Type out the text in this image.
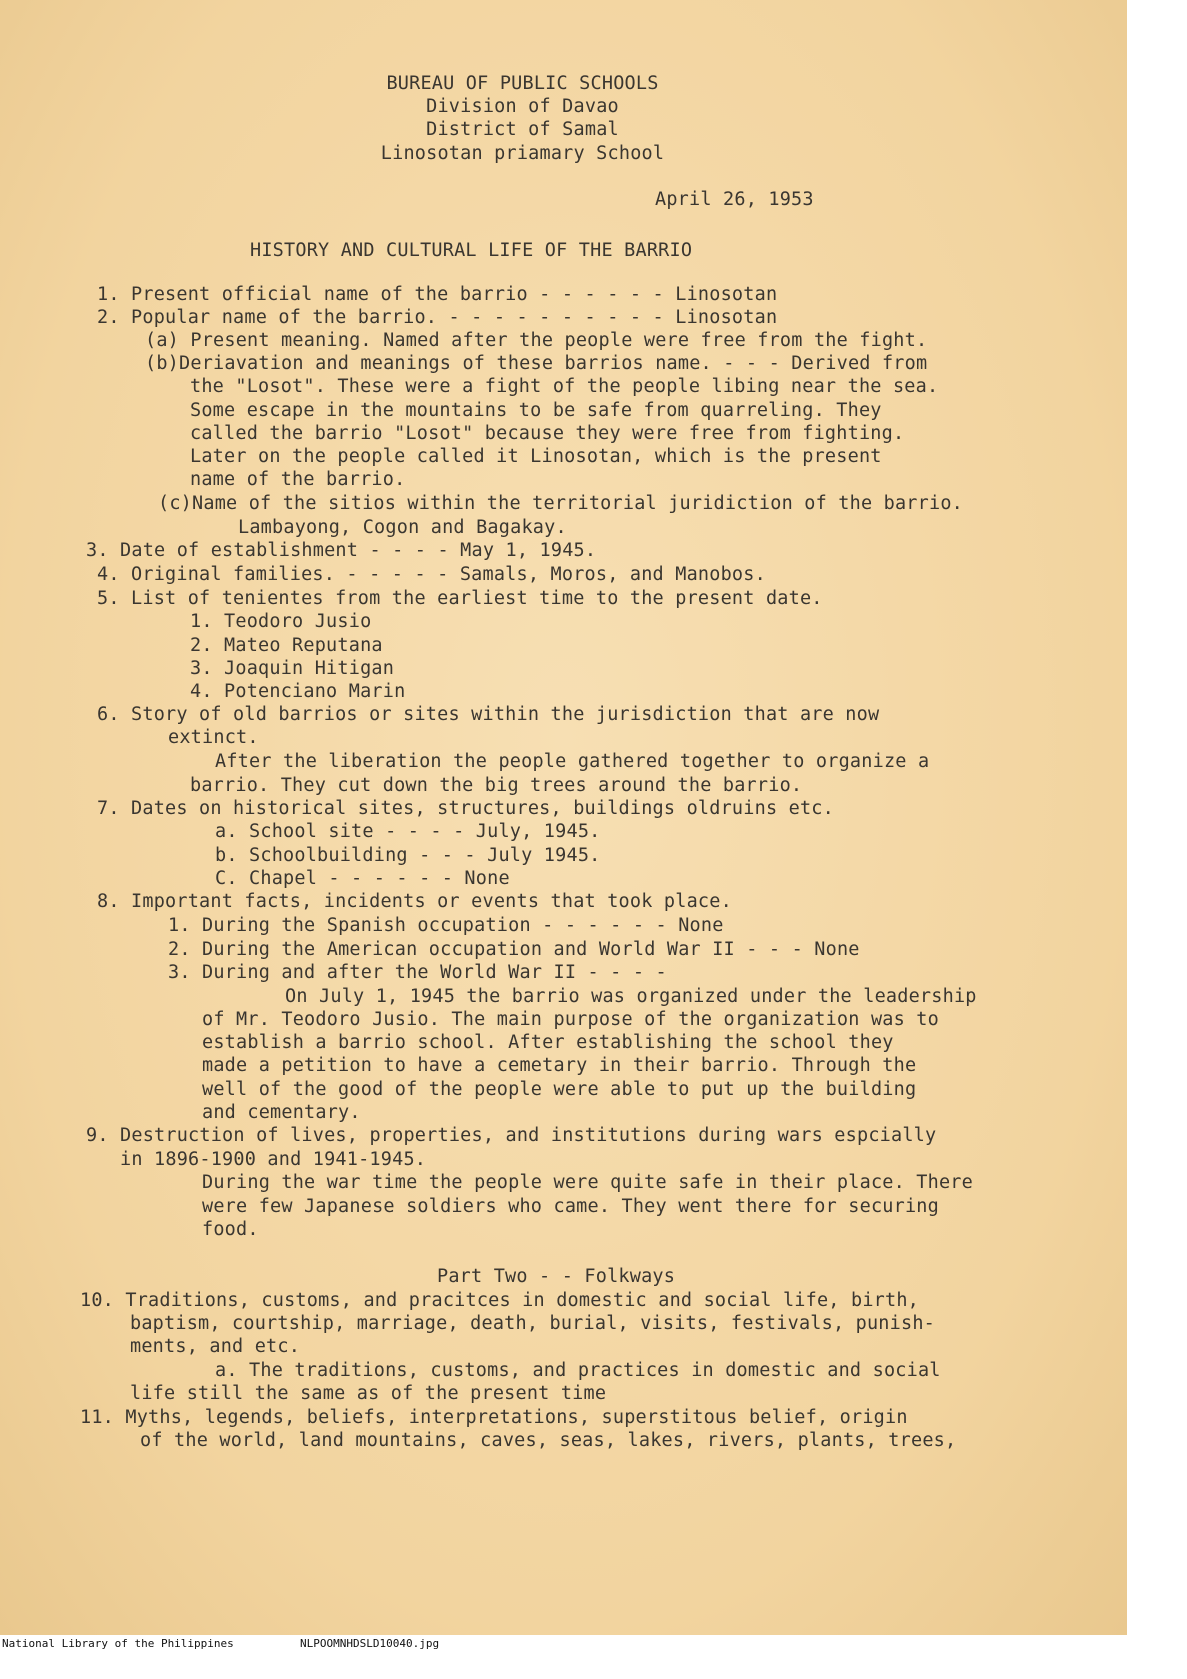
BUREAU OF PUBLIC SCHOOLS
Division of Davao
District of Samal
Linosotan priamary School
April 26, 1953
HISTORY AND CULTURAL LIFE OF THE BARRIO
1. Present official name of the barrio - - - - - - Linosotan
2. Popular name of the barrio. - - - - - - - - - - Linosotan
(a) Present meaning. Named after the people were free from the fight.
(b)Deriavation and meanings of these barrios name. - - - Derived from
the "Losot". These were a fight of the people libing near the sea.
Some escape in the mountains to be safe from quarreling. They
called the barrio "Losot" because they were free from fighting.
Later on the people called it Linosotan, which is the present
name of the barrio.
(c)Name of the sitios within the territorial juridiction of the barrio.
Lambayong, Cogon and Bagakay.
3. Date of establishment - - - - May 1, 1945.
4. Original families. - - - - - Samals, Moros, and Manobos.
5. List of tenientes from the earliest time to the present date.
1. Teodoro Jusio
2. Mateo Reputana
3. Joaquin Hitigan
4. Potenciano Marin
6. Story of old barrios or sites within the jurisdiction that are now
extinct.
After the liberation the people gathered together to organize a
barrio. They cut down the big trees around the barrio.
7. Dates on historical sites, structures, buildings oldruins etc.
a. School site - - - - July, 1945.
b. Schoolbuilding - - - July 1945.
C. Chapel - - - - - - None
8. Important facts, incidents or events that took place.
1. During the Spanish occupation - - - - - - None
2. During the American occupation and World War II - - - None
3. During and after the World War II - - - -
On July 1, 1945 the barrio was organized under the leadership
of Mr. Teodoro Jusio. The main purpose of the organization was to
establish a barrio school. After establishing the school they
made a petition to have a cemetary in their barrio. Through the
well of the good of the people were able to put up the building
and cementary.
9. Destruction of lives, properties, and institutions during wars espcially
in 1896-1900 and 1941-1945.
During the war time the people were quite safe in their place. There
were few Japanese soldiers who came. They went there for securing
food.
Part Two - - Folkways
10. Traditions, customs, and pracitces in domestic and social life, birth,
baptism, courtship, marriage, death, burial, visits, festivals, punish-
ments, and etc.
a. The traditions, customs, and practices in domestic and social
life still the same as of the present time
11. Myths, legends, beliefs, interpretations, superstitous belief, origin
of the world, land mountains, caves, seas, lakes, rivers, plants, trees,

National Library of the Philippines

	NLPOOMNHDSLD10040.jpg
